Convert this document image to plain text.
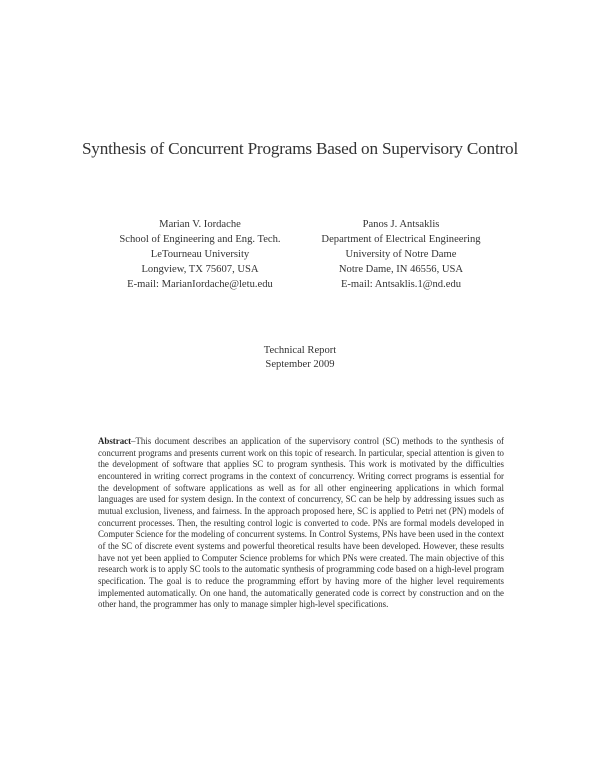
Synthesis of Concurrent Programs Based on Supervisory Control
Marian V. Iordache
School of Engineering and Eng. Tech.
LeTourneau University
Longview, TX 75607, USA
E-mail: MarianIordache@letu.edu
Panos J. Antsaklis
Department of Electrical Engineering
University of Notre Dame
Notre Dame, IN 46556, USA
E-mail: Antsaklis.1@nd.edu
Technical Report
September 2009
Abstract–This document describes an application of the supervisory control (SC) methods to the synthesis of concurrent programs and presents current work on this topic of research. In particular, special attention is given to the development of software that applies SC to program synthesis. This work is motivated by the difficulties encountered in writing correct programs in the context of concurrency. Writing correct programs is essential for the development of software applications as well as for all other engineering applications in which formal languages are used for system design. In the context of concurrency, SC can be help by addressing issues such as mutual exclusion, liveness, and fairness. In the approach proposed here, SC is applied to Petri net (PN) models of concurrent processes. Then, the resulting control logic is converted to code. PNs are formal models developed in Computer Science for the modeling of concurrent systems. In Control Systems, PNs have been used in the context of the SC of discrete event systems and powerful theoretical results have been developed. However, these results have not yet been applied to Computer Science problems for which PNs were created. The main objective of this research work is to apply SC tools to the automatic synthesis of programming code based on a high-level program specification. The goal is to reduce the programming effort by having more of the higher level requirements implemented automatically. On one hand, the automatically generated code is correct by construction and on the other hand, the programmer has only to manage simpler high-level specifications.
